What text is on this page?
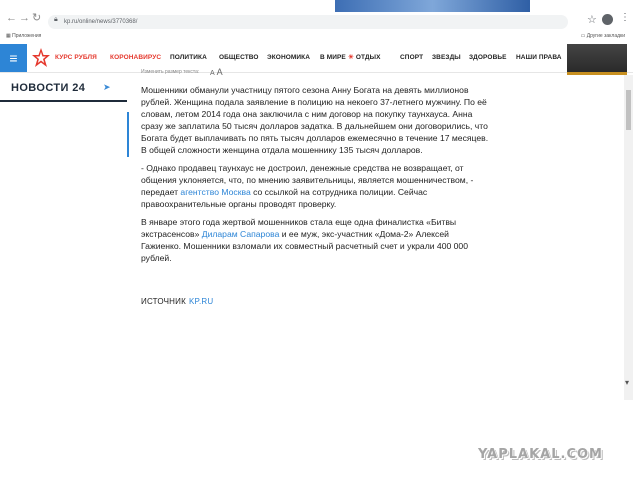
← → ↻ 🔒︎ kp.ru/online/news/3770368/	☆ ⋮
▦ Приложения	▭ Другие закладки
≡	КУРС РУБЛЯ КОРОНАВИРУС ПОЛИТИКА ОБЩЕСТВО ЭКОНОМИКА В МИРЕ ☀ ОТДЫХ	СПОРТ ЗВЕЗДЫ ЗДОРОВЬЕ НАШИ ПРАВА
НОВОСТИ 24 ➤
Изменить размер текста: А А

Мошенники обманули участницу пятого сезона Анну Богата на девять миллионов рублей. Женщина подала заявление в полицию на некоего 37-летнего мужчину. По её словам, летом 2014 года она заключила с ним договор на покупку таунхауса. Анна сразу же заплатила 50 тысяч долларов задатка. В дальнейшем они договорились, что Богата будет выплачивать по пять тысяч долларов ежемесячно в течение 17 месяцев. В общей сложности женщина отдала мошеннику 135 тысяч долларов.

- Однако продавец таунхаус не достроил, денежные средства не возвращает, от общения уклоняется, что, по мнению заявительницы, является мошенничеством, - передает агентство Москва со ссылкой на сотрудника полиции. Сейчас правоохранительные органы проводят проверку.

В январе этого года жертвой мошенников стала еще одна финалистка «Битвы экстрасенсов» Диларам Сапарова и ее муж, экс-участник «Дома-2» Алексей Гажиенко. Мошенники взломали их совместный расчетный счет и украли 400 000 рублей.

ИСТОЧНИК KP.RU
▾
YAPLAKAL.COM
